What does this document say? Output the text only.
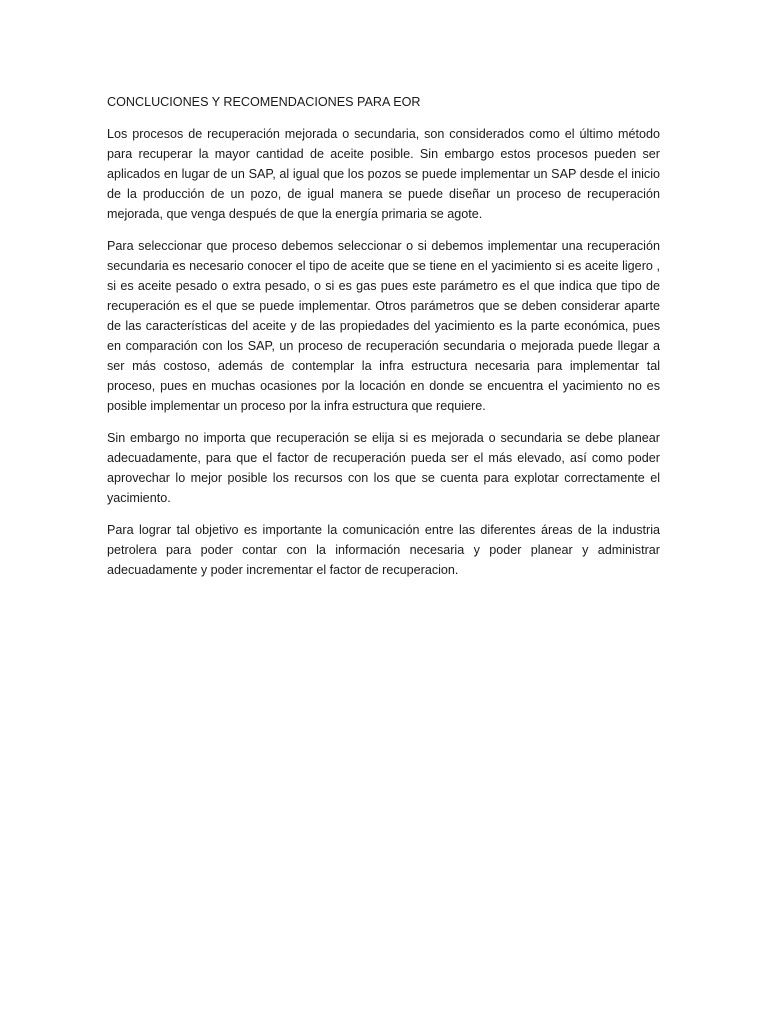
CONCLUCIONES Y RECOMENDACIONES PARA EOR

Los procesos de recuperación mejorada o secundaria, son considerados como el último método para recuperar la mayor cantidad de aceite posible. Sin embargo estos procesos pueden ser aplicados en lugar de un SAP, al igual que los pozos se puede implementar un SAP desde el inicio de la producción de un pozo, de igual manera se puede diseñar un proceso de recuperación mejorada, que venga después de que la energía primaria se agote.

Para seleccionar que proceso debemos seleccionar o si debemos implementar una recuperación secundaria es necesario conocer el tipo de aceite que se tiene en el yacimiento si es aceite ligero , si es aceite pesado o extra pesado, o si es gas pues este parámetro es el que indica que tipo de recuperación es el que se puede implementar. Otros parámetros que se deben considerar aparte de las características del aceite y de las propiedades del yacimiento es la parte económica, pues en comparación con los SAP, un proceso de recuperación secundaria o mejorada puede llegar a ser más costoso, además de contemplar la infra estructura necesaria para implementar tal proceso, pues en muchas ocasiones por la locación en donde se encuentra el yacimiento no es posible implementar un proceso por la infra estructura que requiere.

Sin embargo no importa que recuperación se elija si es mejorada o secundaria se debe planear adecuadamente, para que el factor de recuperación pueda ser el más elevado, así como poder aprovechar lo mejor posible los recursos con los que se cuenta para explotar correctamente el yacimiento.

Para lograr tal objetivo es importante la comunicación entre las diferentes áreas de la industria petrolera para poder contar con la información necesaria y poder planear y administrar adecuadamente y poder incrementar el factor de recuperacion.
